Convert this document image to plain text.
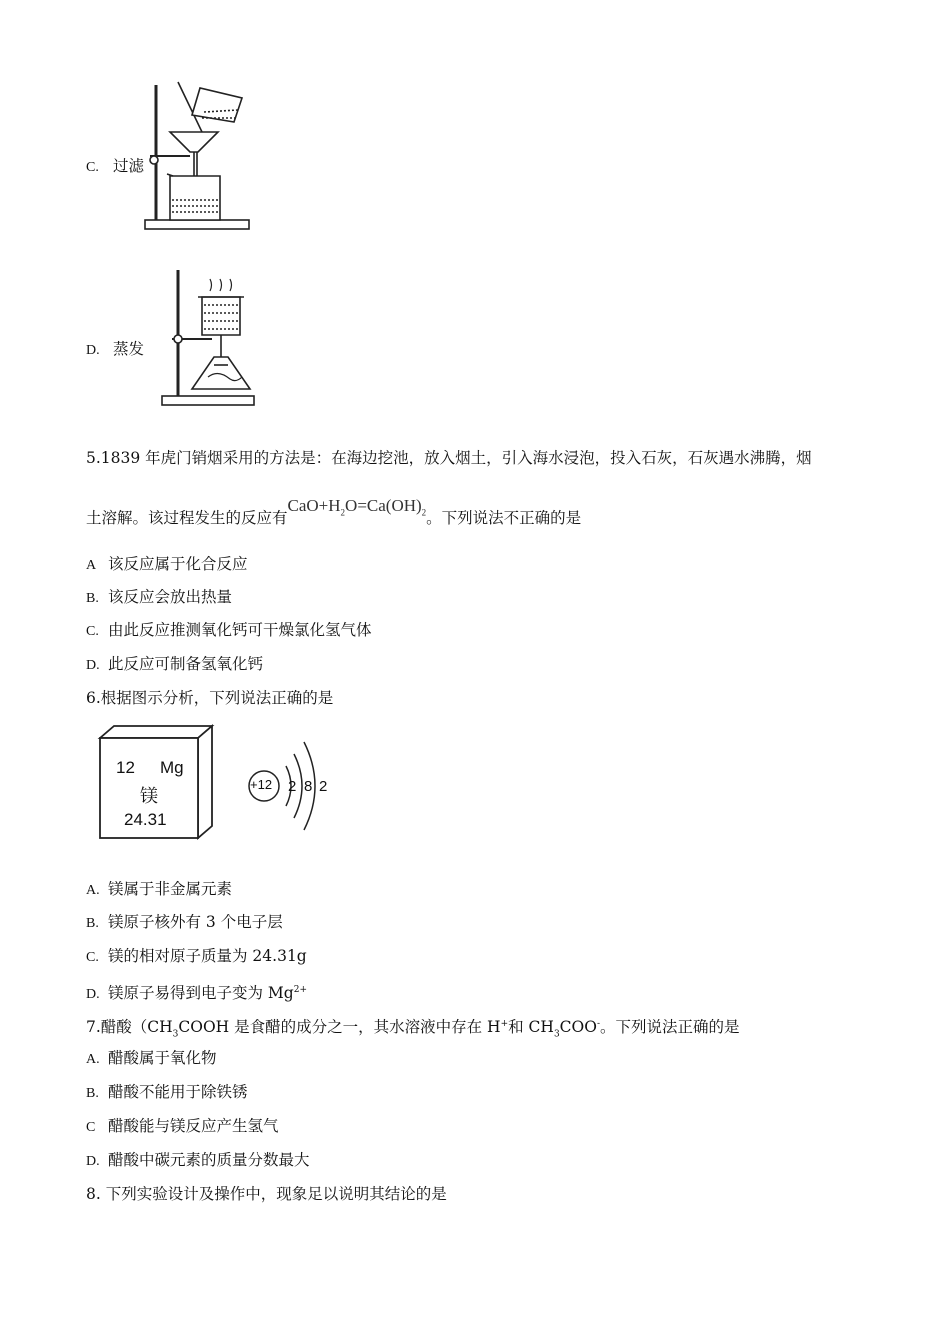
C. 过滤
D. 蒸发
5.1839 年虎门销烟采用的方法是：在海边挖池，放入烟土，引入海水浸泡，投入石灰，石灰遇水沸腾，烟
土溶解。该过程发生的反应有$CaO+H_2O=Ca(OH)_2$。下列说法不正确的是
A 该反应属于化合反应
B. 该反应会放出热量
C. 由此反应推测氧化钙可干燥氯化氢气体
D. 此反应可制备氢氧化钙
6.根据图示分析，下列说法正确的是
12 Mg
镁
24.31
+12 2 8 2
A. 镁属于非金属元素
B. 镁原子核外有 3 个电子层
C. 镁的相对原子质量为 24.31g
D. 镁原子易得到电子变为 $Mg^{2+}$
7.醋酸（$CH_3COOH$ 是食醋的成分之一，其水溶液中存在 H+和 $CH_3COO^-$。下列说法正确的是
A. 醋酸属于氧化物
B. 醋酸不能用于除铁锈
C 醋酸能与镁反应产生氢气
D. 醋酸中碳元素的质量分数最大
8. 下列实验设计及操作中，现象足以说明其结论的是
